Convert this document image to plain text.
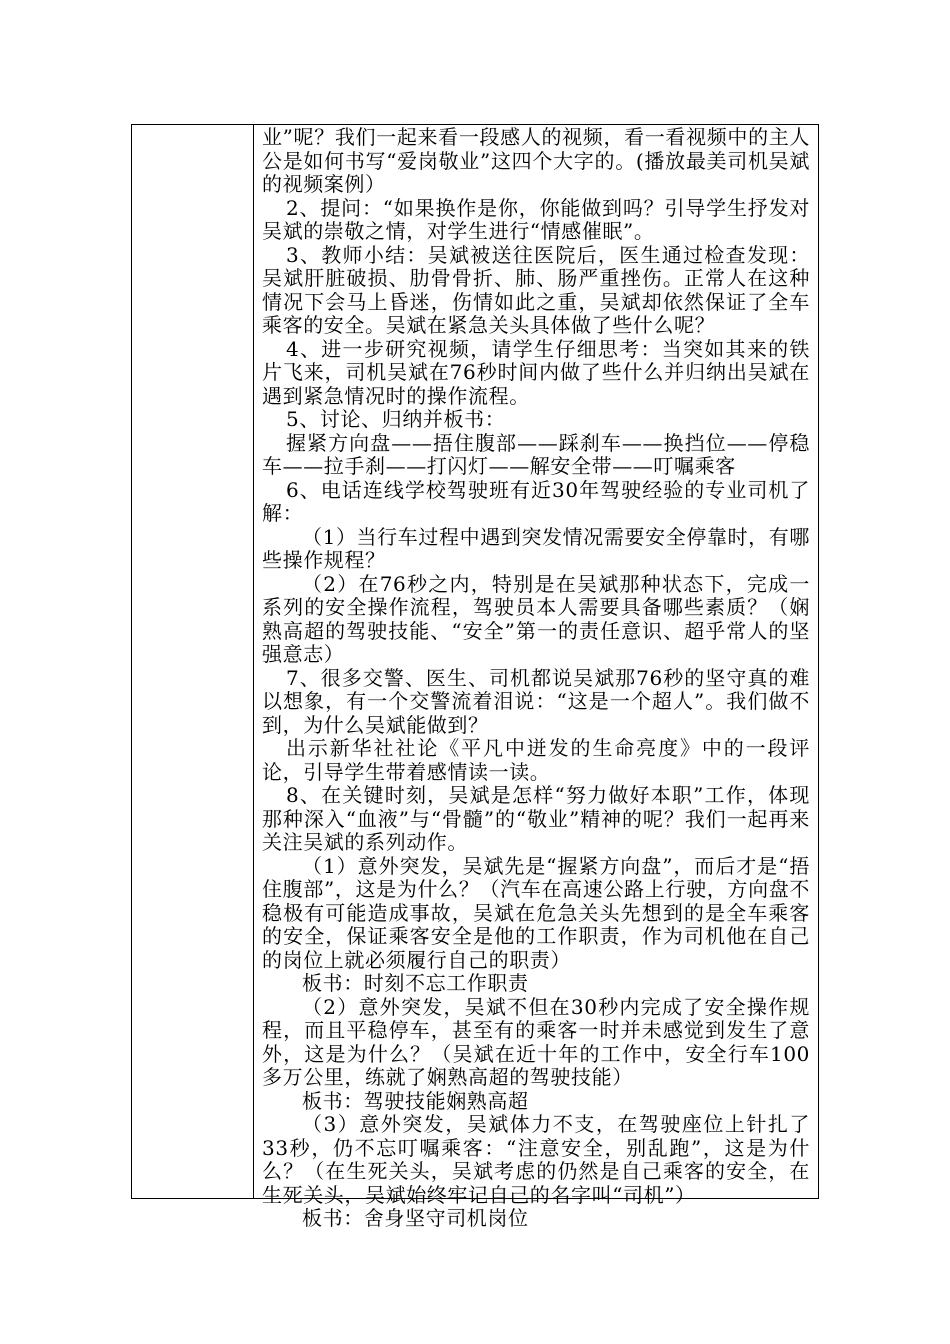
业”呢？我们一起来看一段感人的视频，看一看视频中的主人公是如何书写“爱岗敬业”这四个大字的。(播放最美司机吴斌的视频案例）

2、提问：“如果换作是你，你能做到吗？引导学生抒发对吴斌的崇敬之情，对学生进行“情感催眠”。

3、教师小结：吴斌被送往医院后，医生通过检查发现：吴斌肝脏破损、肋骨骨折、肺、肠严重挫伤。正常人在这种情况下会马上昏迷，伤情如此之重，吴斌却依然保证了全车乘客的安全。吴斌在紧急关头具体做了些什么呢？

4、进一步研究视频，请学生仔细思考：当突如其来的铁片飞来，司机吴斌在76秒时间内做了些什么并归纳出吴斌在遇到紧急情况时的操作流程。

5、讨论、归纳并板书：

握紧方向盘——捂住腹部——踩刹车——换挡位——停稳车——拉手刹——打闪灯——解安全带——叮嘱乘客

6、电话连线学校驾驶班有近30年驾驶经验的专业司机了解：

（1）当行车过程中遇到突发情况需要安全停靠时，有哪些操作规程？

（2）在76秒之内，特别是在吴斌那种状态下，完成一系列的安全操作流程，驾驶员本人需要具备哪些素质？（娴熟高超的驾驶技能、“安全”第一的责任意识、超乎常人的坚强意志）

7、很多交警、医生、司机都说吴斌那76秒的坚守真的难以想象，有一个交警流着泪说：“这是一个超人”。我们做不到，为什么吴斌能做到？

出示新华社社论《平凡中迸发的生命亮度》中的一段评论，引导学生带着感情读一读。

8、在关键时刻，吴斌是怎样“努力做好本职”工作，体现那种深入“血液”与“骨髓”的“敬业”精神的呢？我们一起再来关注吴斌的系列动作。

（1）意外突发，吴斌先是“握紧方向盘”，而后才是“捂住腹部”，这是为什么？（汽车在高速公路上行驶，方向盘不稳极有可能造成事故，吴斌在危急关头先想到的是全车乘客的安全，保证乘客安全是他的工作职责，作为司机他在自己的岗位上就必须履行自己的职责）

板书：时刻不忘工作职责

（2）意外突发，吴斌不但在30秒内完成了安全操作规程，而且平稳停车，甚至有的乘客一时并未感觉到发生了意外，这是为什么？（吴斌在近十年的工作中，安全行车100多万公里，练就了娴熟高超的驾驶技能）

板书：驾驶技能娴熟高超

（3）意外突发，吴斌体力不支，在驾驶座位上针扎了33秒，仍不忘叮嘱乘客：“注意安全，别乱跑”，这是为什么？（在生死关头，吴斌考虑的仍然是自己乘客的安全，在生死关头，吴斌始终牢记自己的名字叫“司机”）

板书：舍身坚守司机岗位
